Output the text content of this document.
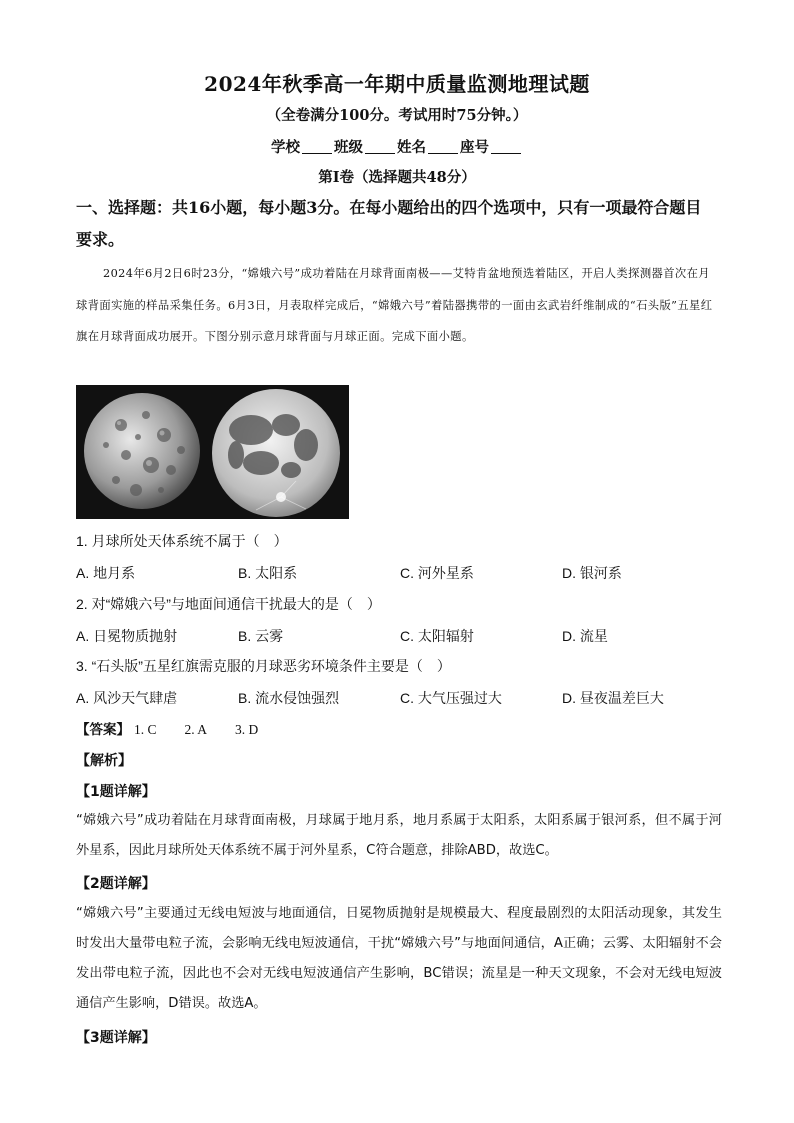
2024年秋季高一年期中质量监测地理试题
（全卷满分100分。考试用时75分钟。）
学校 班级 姓名 座号
第Ⅰ卷（选择题共48分）
一、选择题：共16小题，每小题3分。在每小题给出的四个选项中，只有一项最符合题目
要求。
2024年6月2日6时23分，“嫦娥六号”成功着陆在月球背面南极——艾特肯盆地预选着陆区，开启人类探测器首次在月球背面实施的样品采集任务。6月3日，月表取样完成后，“嫦娥六号”着陆器携带的一面由玄武岩纤维制成的“石头版”五星红旗在月球背面成功展开。下图分别示意月球背面与月球正面。完成下面小题。
1. 月球所处天体系统不属于（　）
A. 地月系	B. 太阳系	C. 河外星系	D. 银河系
2. 对“嫦娥六号”与地面间通信干扰最大的是（　）
A. 日冕物质抛射	B. 云雾	C. 太阳辐射	D. 流星
3. “石头版”五星红旗需克服的月球恶劣环境条件主要是（　）
A. 风沙天气肆虐	B. 流水侵蚀强烈	C. 大气压强过大	D. 昼夜温差巨大
【答案】 1. C 2. A 3. D
【解析】
【1题详解】
“嫦娥六号”成功着陆在月球背面南极，月球属于地月系，地月系属于太阳系，太阳系属于银河系，但不属于河外星系，因此月球所处天体系统不属于河外星系，C符合题意，排除ABD，故选C。
【2题详解】
“嫦娥六号”主要通过无线电短波与地面通信，日冕物质抛射是规模最大、程度最剧烈的太阳活动现象，其发生时发出大量带电粒子流，会影响无线电短波通信，干扰“嫦娥六号”与地面间通信，A正确；云雾、太阳辐射不会发出带电粒子流，因此也不会对无线电短波通信产生影响，BC错误；流星是一种天文现象，不会对无线电短波通信产生影响，D错误。故选A。
【3题详解】
